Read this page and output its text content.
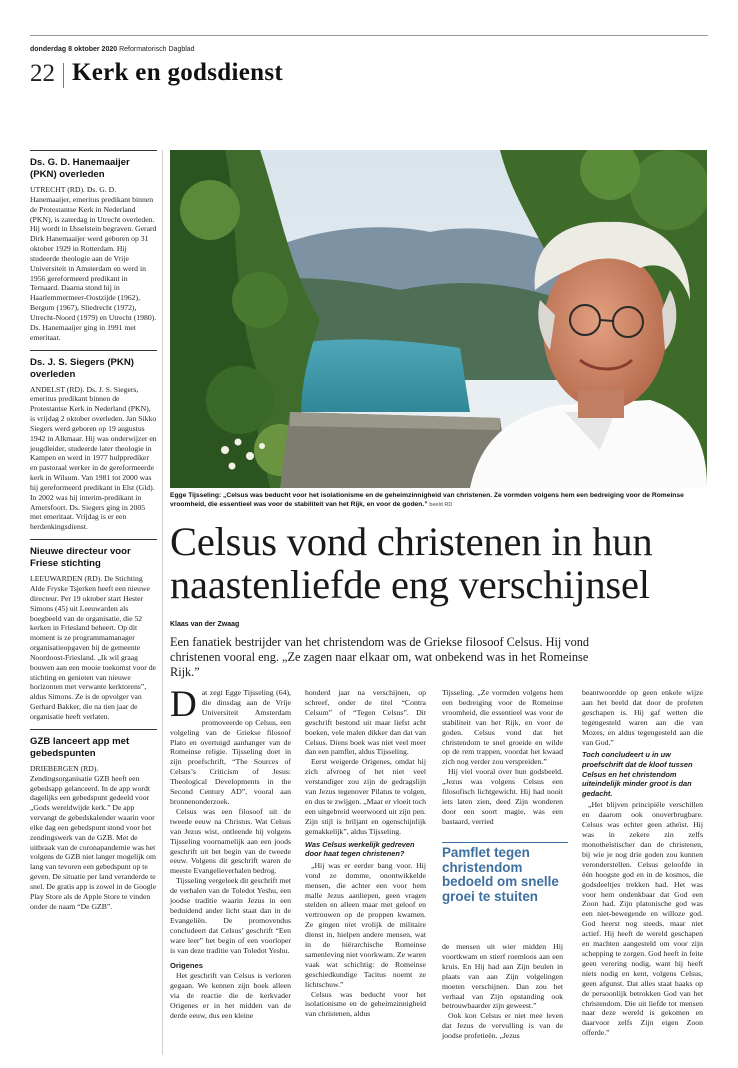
donderdag 8 oktober 2020 Reformatorisch Dagblad
22 Kerk en godsdienst
Ds. G. D. Hanemaaijer (PKN) overleden
UTRECHT (RD). Ds. G. D. Hanemaaijer, emeritus predikant binnen de Protestantse Kerk in Nederland (PKN), is zaterdag in Utrecht overleden. Hij wordt in IJsselstein begraven. Gerard Dirk Hanemaaijer werd geboren op 31 oktober 1929 in Rotterdam. Hij studeerde theologie aan de Vrije Universiteit in Amsterdam en werd in 1956 gereformeerd predikant in Ternaard. Daarna stond hij in Haarlemmermeer-Oostzijde (1962), Bergum (1967), Sliedrecht (1972), Utrecht-Noord (1979) en Utrecht (1980). Ds. Hanemaaijer ging in 1991 met emeritaat.
Ds. J. S. Siegers (PKN) overleden
ANDELST (RD). Ds. J. S. Siegers, emeritus predikant binnen de Protestantse Kerk in Nederland (PKN), is vrijdag 2 oktober overleden. Jan Sikko Siegers werd geboren op 19 augustus 1942 in Alkmaar. Hij was onderwijzer en jeugdleider, studeerde later theologie in Kampen en werd in 1977 hulpprediker en pastoraal werker in de gereformeerde kerk in Wilsum. Van 1981 tot 2000 was hij gereformeerd predikant in Elst (Gld). In 2002 was hij interim-predikant in Amersfoort. Ds. Siegers ging in 2005 met emeritaat. Vrijdag is er een herdenkingsdienst.
Nieuwe directeur voor Friese stichting
LEEUWARDEN (RD). De Stichting Alde Fryske Tsjerken heeft een nieuwe directeur. Per 19 oktober start Hester Simons (45) uit Leeuwarden als boegbeeld van de organisatie, die 52 kerken in Friesland beheert. Op dit moment is ze programmamanager organisatieopgaven bij de gemeente Noordoost-Friesland. „Ik wil graag bouwen aan een mooie toekomst voor de stichting en genieten van nieuwe horizonten met verwante kerktorens”, aldus Simons. Ze is de opvolger van Gerhard Bakker, die na tien jaar de organisatie heeft verlaten.
GZB lanceert app met gebedspunten
DRIEBERGEN (RD). Zendingsorganisatie GZB heeft een gebedsapp gelanceerd. In de app wordt dagelijks een gebedspunt gedeeld voor „Gods wereldwijde kerk.” De app vervangt de gebedskalender waarin voor elke dag een gebedspunt stond voor het zendingswerk van de GZB. Met de uitbraak van de coronapandemie was het volgens de GZB niet langer mogelijk om lang van tevoren een gebedspunt op te geven. De situatie per land veranderde te snel. De gratis app is zowel in de Google Play Store als de Apple Store te vinden onder de naam “De GZB”.
Egge Tijsseling: „Celsus was beducht voor het isolationisme en de geheimzinnigheid van christenen. Ze vormden volgens hem een bedreiging voor de Romeinse vroomheid, die essentieel was voor de stabiliteit van het Rijk, en voor de goden.” beeld RD
Celsus vond christenen in hun naastenliefde eng verschijnsel
Klaas van der Zwaag
Een fanatiek bestrijder van het christendom was de Griekse filosoof Celsus. Hij vond christenen vooral eng. „Ze zagen naar elkaar om, wat onbekend was in het Romeinse Rijk.”

Dat zegt Egge Tijsseling (64), die dinsdag aan de Vrije Universiteit Amsterdam promoveerde op Celsus, een volgeling van de Griekse filosoof Plato en overtuigd aanhanger van de Romeinse religie. Tijsseling doet in zijn proefschrift, “The Sources of Celsus’s Criticism of Jesus: Theological Developments in the Second Century AD”, vooral aan bronnenonderzoek.

Celsus was een filosoof uit de tweede eeuw na Christus. Wat Celsus van Jezus wist, ontleende hij volgens Tijsseling voornamelijk aan een joods geschrift uit het begin van de tweede eeuw. Volgens dit geschrift waren de meeste Evangelieverhalen bedrog.

Tijsseling vergeleek dit geschrift met de verhalen van de Toledot Yeshu, een joodse traditie waarin Jezus in een beduidend ander licht staat dan in de Evangeliën. De promovendus concludeert dat Celsus’ geschrift “Een ware leer” het begin of een voorloper is van deze traditie van Toledot Yeshu.

Origenes

Het geschrift van Celsus is verloren gegaan. We kennen zijn boek alleen via de reactie die de kerkvader Origenes er in het midden van de derde eeuw, dus een kleine

honderd jaar na verschijnen, op schreef, onder de titel “Contra Celsum” of “Tegen Celsus”. Dit geschrift bestond uit maar liefst acht boeken, vele malen dikker dan dat van Celsus. Diens boek was niet veel meer dan een pamflet, aldus Tijsseling.

Eerst weigerde Origenes, omdat hij zich afvroeg of het niet veel verstandiger zou zijn de gedragslijn van Jezus tegenover Pilatus te volgen, en dus te zwijgen. „Maar er vloeit toch een uitgebreid weerwoord uit zijn pen. Zijn stijl is briljant en ogenschijnlijk gemakkelijk”, aldus Tijsseling.

Was Celsus werkelijk gedreven door haat tegen christenen?

„Hij was er eerder bang voor. Hij vond ze domme, onontwikkelde mensen, die achter een voor hem malle Jezus aanliepen, geen vragen stelden en alleen maar met geloof en vertrouwen op de proppen kwamen. Ze gingen niet vrolijk de militaire dienst in, hielpen andere mensen, wat in de hiërarchische Romeinse samenleving niet voorkwam. Ze waren vaak wat schichtig: de Romeinse geschiedkundige Tacitus noemt ze lichtschuw.”

Celsus was beducht voor het isolationisme en de geheimzinnigheid van christenen, aldus

Tijsseling. „Ze vormden volgens hem een bedreiging voor de Romeinse vroomheid, die essentieel was voor de stabiliteit van het Rijk, en voor de goden. Celsus vond dat het christendom te snel groeide en wilde op de rem trappen, voordat het kwaad zich nog verder zou verspreiden.”

Hij viel vooral over hun godsbeeld. „Jezus was volgens Celsus een filosofisch lichtgewicht. Hij had nooit iets laten zien, deed Zijn wonderen door een soort magie, was een bastaard, verried

Pamflet tegen christendom bedoeld om snelle groei te stuiten

de mensen uit wier midden Hij voortkwam en stierf roemloos aan een kruis. En Hij had aan Zijn beulen in plaats van aan Zijn volgelingen moeten verschijnen. Dan zou het verhaal van Zijn opstanding ook betrouwbaarder zijn geweest.”

Ook kon Celsus er niet mee leven dat Jezus de vervulling is van de joodse profetieën. „Jezus

beantwoordde op geen enkele wijze aan het beeld dat door de profeten geschapen is. Hij gaf wetten die tegengesteld waren aan die van Mozes, en aldus tegengesteld aan die van God.”

Toch concludeert u in uw proefschrift dat de kloof tussen Celsus en het christendom uiteindelijk minder groot is dan gedacht.

„Het blijven principiële verschillen en daarom ook onoverbrugbare. Celsus was echter geen atheïst. Hij was in zekere zin zelfs monotheïstischer dan de christenen, bij wie je nog drie goden zou kunnen veronderstellen. Celsus geloofde in één hoogste god en in de kosmos, die godsdeeltjes trekken had. Het was voor hem ondenkbaar dat God een Zoon had. Zijn platonische god was een niet-bewegende en willoze god. God heerst nog steeds, maar niet actief. Hij heeft de wereld geschapen en machten aangesteld om voor zijn schepping te zorgen. God heeft in feite geen verering nodig, want hij heeft niets nodig en kent, volgens Celsus, geen afgunst. Dat alles staat haaks op de persoonlijk betrokken God van het christendom. Die uit liefde tot mensen naar deze wereld is gekomen en daarvoor zelfs Zijn eigen Zoon offerde.”
